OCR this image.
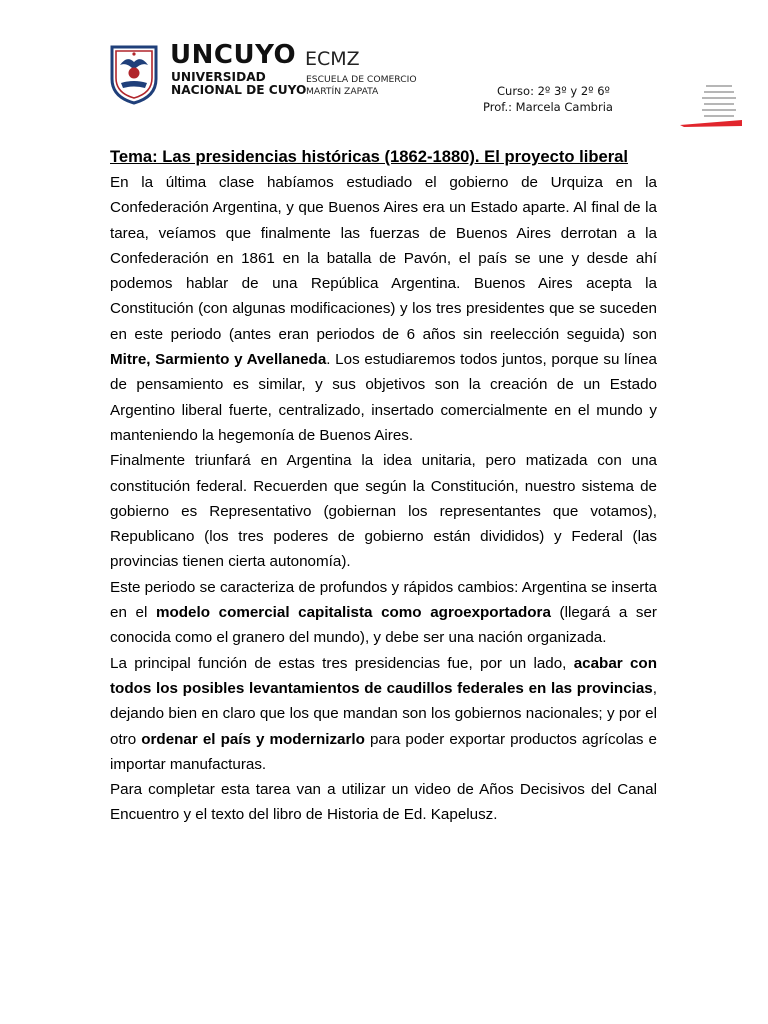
UNCUYO
UNIVERSIDAD
NACIONAL DE CUYO
ECMZ
ESCUELA DE COMERCIO
MARTÍN ZAPATA	Curso: 2º 3º y 2º 6º
Prof.: Marcela Cambria
Tema: Las presidencias históricas (1862-1880). El proyecto liberal

En la última clase habíamos estudiado el gobierno de Urquiza en la Confederación Argentina, y que Buenos Aires era un Estado aparte. Al final de la tarea, veíamos que finalmente las fuerzas de Buenos Aires derrotan a la Confederación en 1861 en la batalla de Pavón, el país se une y desde ahí podemos hablar de una República Argentina. Buenos Aires acepta la Constitución (con algunas modificaciones) y los tres presidentes que se suceden en este periodo (antes eran periodos de 6 años sin reelección seguida) son Mitre, Sarmiento y Avellaneda. Los estudiaremos todos juntos, porque su línea de pensamiento es similar, y sus objetivos son la creación de un Estado Argentino liberal fuerte, centralizado, insertado comercialmente en el mundo y manteniendo la hegemonía de Buenos Aires.

Finalmente triunfará en Argentina la idea unitaria, pero matizada con una constitución federal. Recuerden que según la Constitución, nuestro sistema de gobierno es Representativo (gobiernan los representantes que votamos), Republicano (los tres poderes de gobierno están divididos) y Federal (las provincias tienen cierta autonomía).

Este periodo se caracteriza de profundos y rápidos cambios: Argentina se inserta en el modelo comercial capitalista como agroexportadora (llegará a ser conocida como el granero del mundo), y debe ser una nación organizada.

La principal función de estas tres presidencias fue, por un lado, acabar con todos los posibles levantamientos de caudillos federales en las provincias, dejando bien en claro que los que mandan son los gobiernos nacionales; y por el otro ordenar el país y modernizarlo para poder exportar productos agrícolas e importar manufacturas.

Para completar esta tarea van a utilizar un video de Años Decisivos del Canal Encuentro y el texto del libro de Historia de Ed. Kapelusz.
